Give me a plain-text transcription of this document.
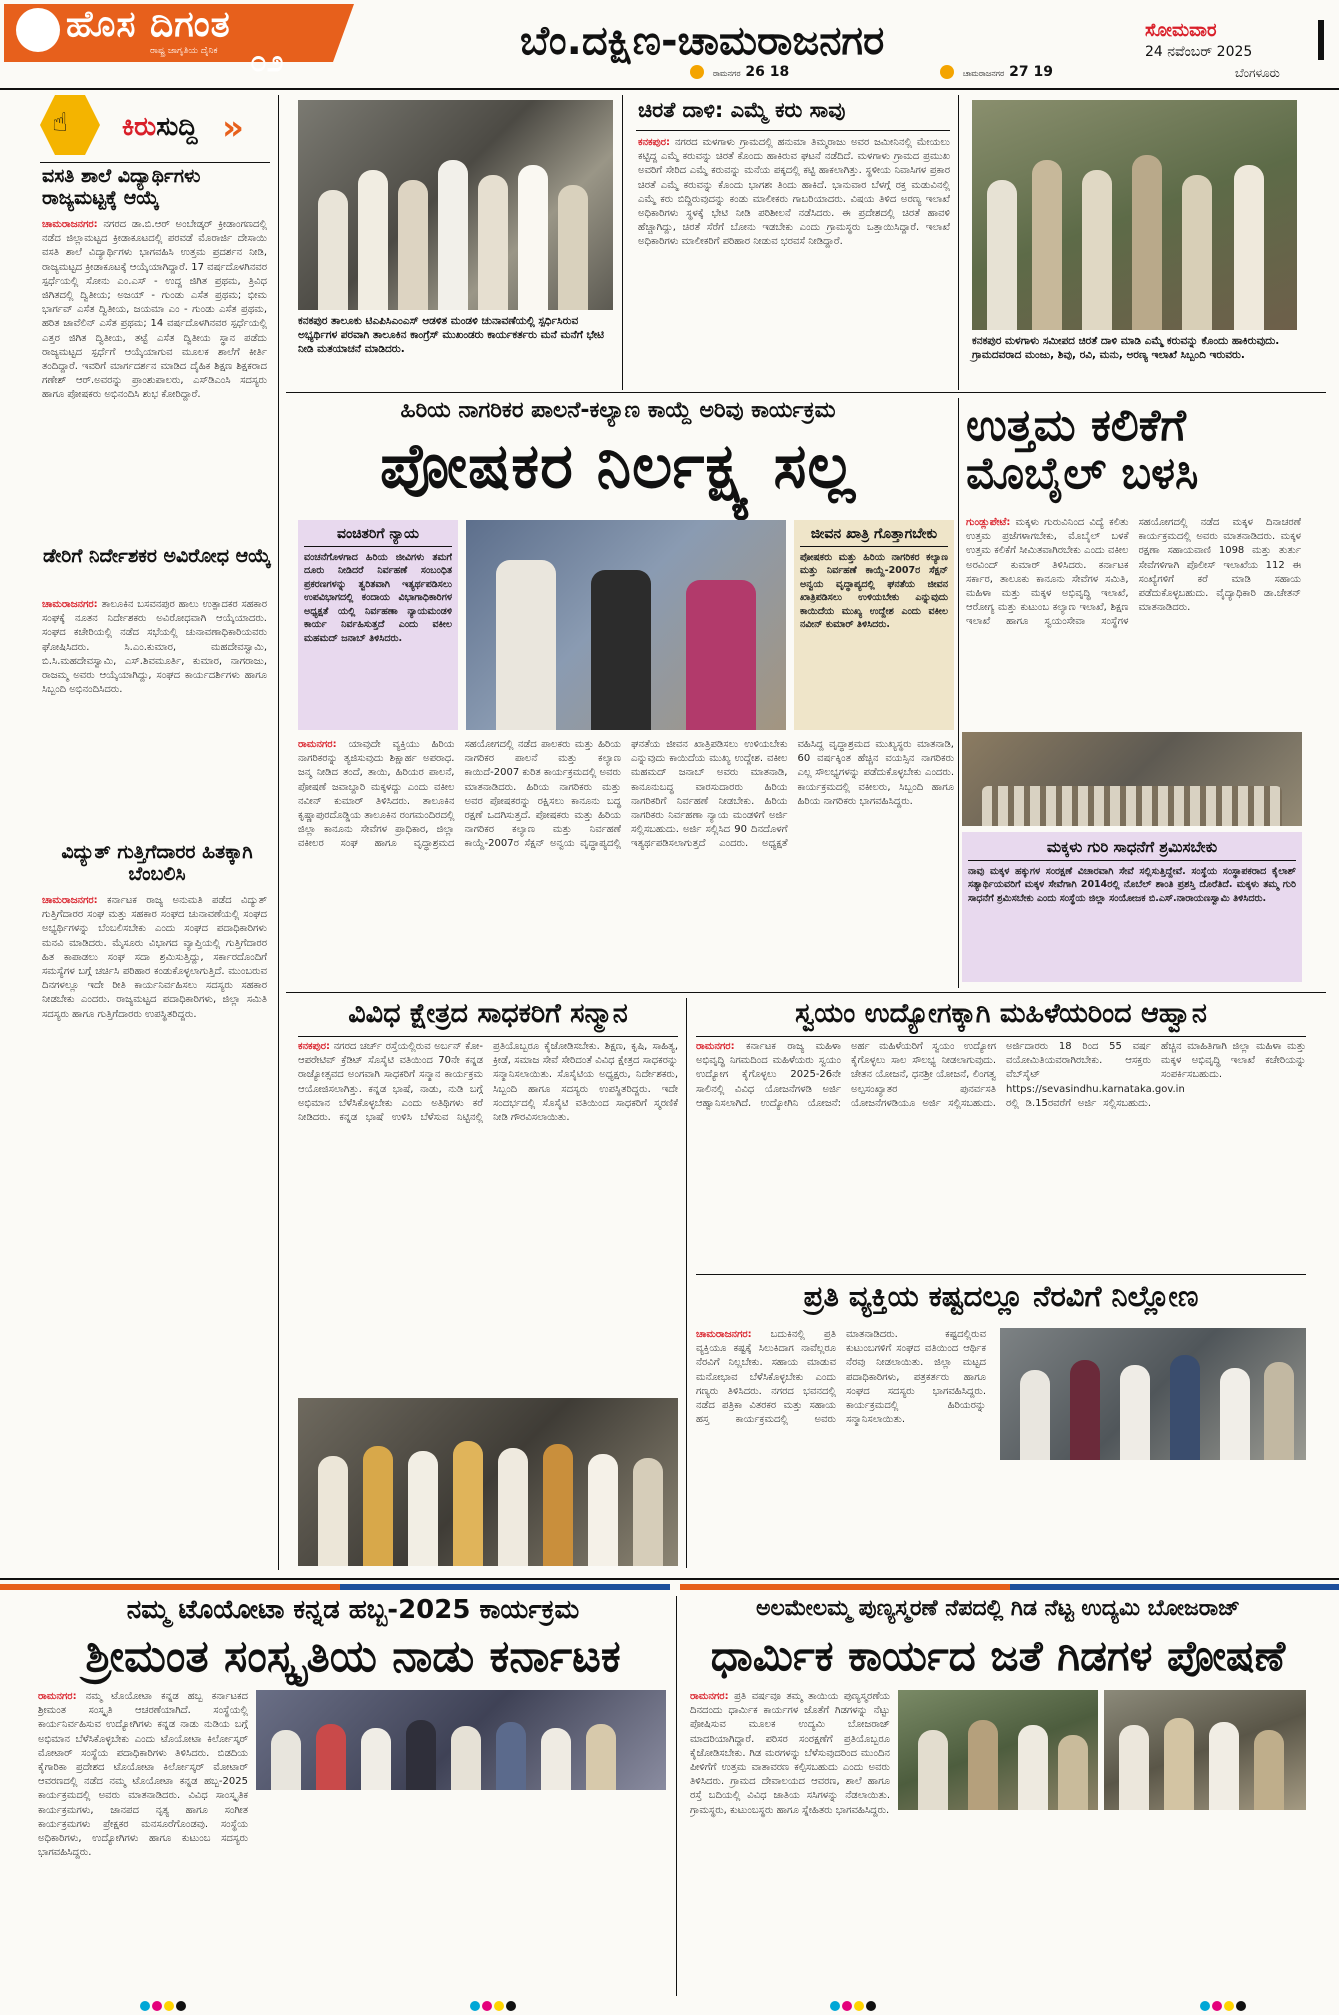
ಹೊಸ ದಿಗಂತ
ರಾಷ್ಟ್ರ ಜಾಗೃತಿಯ ದೈನಿಕ ೦೨	ಬೆಂ.ದಕ್ಷಿಣ-ಚಾಮರಾಜನಗರ
ರಾಮನಗರ 26 18	ಚಾಮರಾಜನಗರ 27 19
ಸೋಮವಾರ
24 ನವೆಂಬರ್ 2025
ಬೆಂಗಳೂರು
☝ ಕಿರುಸುದ್ದಿ »
ವಸತಿ ಶಾಲೆ ವಿದ್ಯಾರ್ಥಿಗಳು ರಾಜ್ಯಮಟ್ಟಕ್ಕೆ ಆಯ್ಕೆ
ಚಾಮರಾಜನಗರ: ನಗರದ ಡಾ.ಬಿ.ಆರ್ ಅಂಬೇಡ್ಕರ್ ಕ್ರೀಡಾಂಗಣದಲ್ಲಿ ನಡೆದ ಜಿಲ್ಲಾಮಟ್ಟದ ಕ್ರೀಡಾಕೂಟದಲ್ಲಿ ಪರವಡೆ ಮೊರಾರ್ಜಿ ದೇಸಾಯಿ ವಸತಿ ಶಾಲೆ ವಿದ್ಯಾರ್ಥಿಗಳು ಭಾಗವಹಿಸಿ ಉತ್ತಮ ಪ್ರದರ್ಶನ ನೀಡಿ, ರಾಜ್ಯಮಟ್ಟದ ಕ್ರೀಡಾಕೂಟಕ್ಕೆ ಆಯ್ಕೆಯಾಗಿದ್ದಾರೆ. 17 ವರ್ಷದೊಳಗಿನವರ ಸ್ಪರ್ಧೆಯಲ್ಲಿ ಸೋನು ಎಂ.ಎಸ್ - ಉದ್ದ ಜಿಗಿತ ಪ್ರಥಮ, ತ್ರಿವಿಧ ಜಿಗಿತದಲ್ಲಿ ದ್ವಿತೀಯ; ಅಜಯ್ - ಗುಂಡು ಎಸೆತ ಪ್ರಥಮ; ಭೀಮ ಭಾರ್ಗವ್ ಎಸೆತ ದ್ವಿತೀಯ, ಜಯಮಾ ಎಂ - ಗುಂಡು ಎಸೆತ ಪ್ರಥಮ, ಹರಿತ ಜಾವೆಲಿನ್ ಎಸೆತ ಪ್ರಥಮ; 14 ವರ್ಷದೊಳಗಿನವರ ಸ್ಪರ್ಧೆಯಲ್ಲಿ ಎತ್ತರ ಜಿಗಿತ ದ್ವಿತೀಯ, ತಟ್ಟೆ ಎಸೆತ ದ್ವಿತೀಯ ಸ್ಥಾನ ಪಡೆದು ರಾಜ್ಯಮಟ್ಟದ ಸ್ಪರ್ಧೆಗೆ ಆಯ್ಕೆಯಾಗುವ ಮೂಲಕ ಶಾಲೆಗೆ ಕೀರ್ತಿ ತಂದಿದ್ದಾರೆ. ಇವರಿಗೆ ಮಾರ್ಗದರ್ಶನ ಮಾಡಿದ ದೈಹಿಕ ಶಿಕ್ಷಣ ಶಿಕ್ಷಕರಾದ ಗಣೇಶ್ ಆರ್.ಅವರನ್ನು ಪ್ರಾಂಶುಪಾಲರು, ಎಸ್‌ಡಿಎಂಸಿ ಸದಸ್ಯರು ಹಾಗೂ ಪೋಷಕರು ಅಭಿನಂದಿಸಿ ಶುಭ ಕೋರಿದ್ದಾರೆ.
ಡೇರಿಗೆ ನಿರ್ದೇಶಕರ ಅವಿರೋಧ ಆಯ್ಕೆ
ಚಾಮರಾಜನಗರ: ತಾಲೂಕಿನ ಬಸವನಪುರ ಹಾಲು ಉತ್ಪಾದಕರ ಸಹಕಾರ ಸಂಘಕ್ಕೆ ನೂತನ ನಿರ್ದೇಶಕರು ಅವಿರೋಧವಾಗಿ ಆಯ್ಕೆಯಾದರು. ಸಂಘದ ಕಚೇರಿಯಲ್ಲಿ ನಡೆದ ಸಭೆಯಲ್ಲಿ ಚುನಾವಣಾಧಿಕಾರಿಯವರು ಘೋಷಿಸಿದರು. ಸಿ.ಎಂ.ಕುಮಾರ, ಮಹದೇವಸ್ವಾಮಿ, ಬಿ.ಸಿ.ಮಹದೇವಸ್ವಾಮಿ, ಎಸ್.ಶಿವಮೂರ್ತಿ, ಕುಮಾರ, ನಾಗರಾಜು, ರಾಜಮ್ಮ ಅವರು ಆಯ್ಕೆಯಾಗಿದ್ದು, ಸಂಘದ ಕಾರ್ಯದರ್ಶಿಗಳು ಹಾಗೂ ಸಿಬ್ಬಂದಿ ಅಭಿನಂದಿಸಿದರು.
ವಿದ್ಯುತ್ ಗುತ್ತಿಗೆದಾರರ ಹಿತಕ್ಕಾಗಿ ಬೆಂಬಲಿಸಿ
ಚಾಮರಾಜನಗರ: ಕರ್ನಾಟಕ ರಾಜ್ಯ ಅನುಮತಿ ಪಡೆದ ವಿದ್ಯುತ್ ಗುತ್ತಿಗೆದಾರರ ಸಂಘ ಮತ್ತು ಸಹಕಾರ ಸಂಘದ ಚುನಾವಣೆಯಲ್ಲಿ ಸಂಘದ ಅಭ್ಯರ್ಥಿಗಳನ್ನು ಬೆಂಬಲಿಸಬೇಕು ಎಂದು ಸಂಘದ ಪದಾಧಿಕಾರಿಗಳು ಮನವಿ ಮಾಡಿದರು. ಮೈಸೂರು ವಿಭಾಗದ ವ್ಯಾಪ್ತಿಯಲ್ಲಿ ಗುತ್ತಿಗೆದಾರರ ಹಿತ ಕಾಪಾಡಲು ಸಂಘ ಸದಾ ಶ್ರಮಿಸುತ್ತಿದ್ದು, ಸರ್ಕಾರದೊಂದಿಗೆ ಸಮಸ್ಯೆಗಳ ಬಗ್ಗೆ ಚರ್ಚಿಸಿ ಪರಿಹಾರ ಕಂಡುಕೊಳ್ಳಲಾಗುತ್ತಿದೆ. ಮುಂಬರುವ ದಿನಗಳಲ್ಲೂ ಇದೇ ರೀತಿ ಕಾರ್ಯನಿರ್ವಹಿಸಲು ಸದಸ್ಯರು ಸಹಕಾರ ನೀಡಬೇಕು ಎಂದರು. ರಾಜ್ಯಮಟ್ಟದ ಪದಾಧಿಕಾರಿಗಳು, ಜಿಲ್ಲಾ ಸಮಿತಿ ಸದಸ್ಯರು ಹಾಗೂ ಗುತ್ತಿಗೆದಾರರು ಉಪಸ್ಥಿತರಿದ್ದರು.
ಕನಕಪುರ ತಾಲೂಕು ಟಿಎಪಿಸಿಎಂಎಸ್ ಆಡಳಿತ ಮಂಡಳಿ ಚುನಾವಣೆಯಲ್ಲಿ ಸ್ಪರ್ಧಿಸಿರುವ ಅಭ್ಯರ್ಥಿಗಳ ಪರವಾಗಿ ತಾಲೂಕಿನ ಕಾಂಗ್ರೆಸ್ ಮುಖಂಡರು ಕಾರ್ಯಕರ್ತರು ಮನೆ ಮನೆಗೆ ಭೇಟಿ ನೀಡಿ ಮತಯಾಚನೆ ಮಾಡಿದರು.
ಚಿರತೆ ದಾಳಿ: ಎಮ್ಮೆ ಕರು ಸಾವು
ಕನಕಪುರ: ನಗರದ ಮಳಗಾಳು ಗ್ರಾಮದಲ್ಲಿ ಹನುಮಾ ತಿಮ್ಮರಾಜು ಅವರ ಜಮೀನಿನಲ್ಲಿ ಮೇಯಲು ಕಟ್ಟಿದ್ದ ಎಮ್ಮೆ ಕರುವನ್ನು ಚಿರತೆ ಕೊಂದು ಹಾಕಿರುವ ಘಟನೆ ನಡೆದಿದೆ. ಮಳಗಾಳು ಗ್ರಾಮದ ಪ್ರಮುಖ ಅವರಿಗೆ ಸೇರಿದ ಎಮ್ಮೆ ಕರುವನ್ನು ಮನೆಯ ಪಕ್ಕದಲ್ಲಿ ಕಟ್ಟಿ ಹಾಕಲಾಗಿತ್ತು. ಸ್ಥಳೀಯ ನಿವಾಸಿಗಳ ಪ್ರಕಾರ ಚಿರತೆ ಎಮ್ಮೆ ಕರುವನ್ನು ಕೊಂದು ಭಾಗಶಃ ತಿಂದು ಹಾಕಿದೆ. ಭಾನುವಾರ ಬೆಳಗ್ಗೆ ರಕ್ತ ಮಡುವಿನಲ್ಲಿ ಎಮ್ಮೆ ಕರು ಬಿದ್ದಿರುವುದನ್ನು ಕಂಡು ಮಾಲೀಕರು ಗಾಬರಿಯಾದರು. ವಿಷಯ ತಿಳಿದ ಅರಣ್ಯ ಇಲಾಖೆ ಅಧಿಕಾರಿಗಳು ಸ್ಥಳಕ್ಕೆ ಭೇಟಿ ನೀಡಿ ಪರಿಶೀಲನೆ ನಡೆಸಿದರು. ಈ ಪ್ರದೇಶದಲ್ಲಿ ಚಿರತೆ ಹಾವಳಿ ಹೆಚ್ಚಾಗಿದ್ದು, ಚಿರತೆ ಸೆರೆಗೆ ಬೋನು ಇಡಬೇಕು ಎಂದು ಗ್ರಾಮಸ್ಥರು ಒತ್ತಾಯಿಸಿದ್ದಾರೆ. ಇಲಾಖೆ ಅಧಿಕಾರಿಗಳು ಮಾಲೀಕರಿಗೆ ಪರಿಹಾರ ನೀಡುವ ಭರವಸೆ ನೀಡಿದ್ದಾರೆ.
ಕನಕಪುರ ಮಳಗಾಳು ಸಮೀಪದ ಚಿರತೆ ದಾಳಿ ಮಾಡಿ ಎಮ್ಮೆ ಕರುವನ್ನು ಕೊಂದು ಹಾಕಿರುವುದು. ಗ್ರಾಮದವರಾದ ಮಂಜು, ಶಿವು, ರವಿ, ಮನು, ಅರಣ್ಯ ಇಲಾಖೆ ಸಿಬ್ಬಂದಿ ಇರುವರು.
ಹಿರಿಯ ನಾಗರಿಕರ ಪಾಲನೆ-ಕಲ್ಯಾಣ ಕಾಯ್ದೆ ಅರಿವು ಕಾರ್ಯಕ್ರಮ
ಪೋಷಕರ ನಿರ್ಲಕ್ಷ್ಯ ಸಲ್ಲ
ವಂಚಿತರಿಗೆ ನ್ಯಾಯ
ವಂಚನೆಗೊಳಗಾದ ಹಿರಿಯ ಜೀವಿಗಳು ತಮಗೆ ದೂರು ನೀಡಿದರೆ ನಿರ್ವಹಣೆ ಸಂಬಂಧಿತ ಪ್ರಕರಣಗಳನ್ನು ತ್ವರಿತವಾಗಿ ಇತ್ಯರ್ಥಪಡಿಸಲು ಉಪವಿಭಾಗದಲ್ಲಿ ಕಂದಾಯ ವಿಭಾಗಾಧಿಕಾರಿಗಳ ಅಧ್ಯಕ್ಷತೆ ಯಲ್ಲಿ ನಿರ್ವಹಣಾ ನ್ಯಾಯಮಂಡಳಿ ಕಾರ್ಯ ನಿರ್ವಹಿಸುತ್ತದೆ ಎಂದು ವಕೀಲ ಮಹಮದ್ ಜನಾಬ್ ತಿಳಿಸಿದರು.
ಜೀವನ ಖಾತ್ರಿ ಗೊತ್ತಾಗಬೇಕು
ಪೋಷಕರು ಮತ್ತು ಹಿರಿಯ ನಾಗರಿಕರ ಕಲ್ಯಾಣ ಮತ್ತು ನಿರ್ವಹಣೆ ಕಾಯ್ದೆ-2007ರ ಸೆಕ್ಷನ್ ಅನ್ವಯ ವೃದ್ಧಾಪ್ಯದಲ್ಲಿ ಘನತೆಯ ಜೀವನ ಖಾತ್ರಿಪಡಿಸಲು ಉಳಿಯಬೇಕು ಎನ್ನುವುದು ಕಾಯಿದೆಯ ಮುಖ್ಯ ಉದ್ದೇಶ ಎಂದು ವಕೀಲ ನವೀನ್ ಕುಮಾರ್ ತಿಳಿಸಿದರು.
ರಾಮನಗರ: ಯಾವುದೇ ವ್ಯಕ್ತಿಯು ಹಿರಿಯ ನಾಗರಿಕರನ್ನು ತ್ಯಜಿಸುವುದು ಶಿಕ್ಷಾರ್ಹ ಅಪರಾಧ. ಜನ್ಮ ನೀಡಿದ ತಂದೆ, ತಾಯಿ, ಹಿರಿಯರ ಪಾಲನೆ, ಪೋಷಣೆ ಜವಾಬ್ದಾರಿ ಮಕ್ಕಳದ್ದು ಎಂದು ವಕೀಲ ನವೀನ್ ಕುಮಾರ್ ತಿಳಿಸಿದರು. ತಾಲೂಕಿನ ಕೃಷ್ಣಾಪುರದೊಡ್ಡಿಯ ತಾಲೂಕಿನ ರಂಗಮಂದಿರದಲ್ಲಿ ಜಿಲ್ಲಾ ಕಾನೂನು ಸೇವೆಗಳ ಪ್ರಾಧಿಕಾರ, ಜಿಲ್ಲಾ ವಕೀಲರ ಸಂಘ ಹಾಗೂ ವೃದ್ಧಾಶ್ರಮದ ಸಹಯೋಗದಲ್ಲಿ ನಡೆದ ಪಾಲಕರು ಮತ್ತು ಹಿರಿಯ ನಾಗರಿಕರ ಪಾಲನೆ ಮತ್ತು ಕಲ್ಯಾಣ ಕಾಯಿದೆ-2007 ಕುರಿತ ಕಾರ್ಯಕ್ರಮದಲ್ಲಿ ಅವರು ಮಾತನಾಡಿದರು. ಹಿರಿಯ ನಾಗರಿಕರು ಮತ್ತು ಅವರ ಪೋಷಕರನ್ನು ರಕ್ಷಿಸಲು ಕಾನೂನು ಬದ್ಧ ರಕ್ಷಣೆ ಒದಗಿಸುತ್ತದೆ. ಪೋಷಕರು ಮತ್ತು ಹಿರಿಯ ನಾಗರಿಕರ ಕಲ್ಯಾಣ ಮತ್ತು ನಿರ್ವಹಣೆ ಕಾಯ್ದೆ-2007ರ ಸೆಕ್ಷನ್ ಅನ್ವಯ ವೃದ್ಧಾಪ್ಯದಲ್ಲಿ ಘನತೆಯ ಜೀವನ ಖಾತ್ರಿಪಡಿಸಲು ಉಳಿಯಬೇಕು ಎನ್ನುವುದು ಕಾಯಿದೆಯ ಮುಖ್ಯ ಉದ್ದೇಶ. ವಕೀಲ ಮಹಮದ್ ಜನಾಬ್ ಅವರು ಮಾತನಾಡಿ, ಕಾನೂನುಬದ್ಧ ವಾರಸುದಾರರು ಹಿರಿಯ ನಾಗರಿಕರಿಗೆ ನಿರ್ವಹಣೆ ನೀಡಬೇಕು. ಹಿರಿಯ ನಾಗರಿಕರು ನಿರ್ವಹಣಾ ನ್ಯಾಯ ಮಂಡಳಿಗೆ ಅರ್ಜಿ ಸಲ್ಲಿಸಬಹುದು. ಅರ್ಜಿ ಸಲ್ಲಿಸಿದ 90 ದಿನದೊಳಗೆ ಇತ್ಯರ್ಥಪಡಿಸಲಾಗುತ್ತದೆ ಎಂದರು. ಅಧ್ಯಕ್ಷತೆ ವಹಿಸಿದ್ದ ವೃದ್ಧಾಶ್ರಮದ ಮುಖ್ಯಸ್ಥರು ಮಾತನಾಡಿ, 60 ವರ್ಷಕ್ಕಿಂತ ಹೆಚ್ಚಿನ ವಯಸ್ಸಿನ ನಾಗರಿಕರು ಎಲ್ಲ ಸೌಲಭ್ಯಗಳನ್ನು ಪಡೆದುಕೊಳ್ಳಬೇಕು ಎಂದರು. ಕಾರ್ಯಕ್ರಮದಲ್ಲಿ ವಕೀಲರು, ಸಿಬ್ಬಂದಿ ಹಾಗೂ ಹಿರಿಯ ನಾಗರಿಕರು ಭಾಗವಹಿಸಿದ್ದರು.
ಉತ್ತಮ ಕಲಿಕೆಗೆ ಮೊಬೈಲ್ ಬಳಸಿ
ಗುಂಡ್ಲುಪೇಟೆ: ಮಕ್ಕಳು ಗುರುವಿನಿಂದ ವಿದ್ಯೆ ಕಲಿತು ಉತ್ತಮ ಪ್ರಜೆಗಳಾಗಬೇಕು, ಮೊಬೈಲ್ ಬಳಕೆ ಉತ್ತಮ ಕಲಿಕೆಗೆ ಸೀಮಿತವಾಗಿರಬೇಕು ಎಂದು ವಕೀಲ ಅರವಿಂದ್ ಕುಮಾರ್ ತಿಳಿಸಿದರು. ಕರ್ನಾಟಕ ಸರ್ಕಾರ, ತಾಲೂಕು ಕಾನೂನು ಸೇವೆಗಳ ಸಮಿತಿ, ಮಹಿಳಾ ಮತ್ತು ಮಕ್ಕಳ ಅಭಿವೃದ್ಧಿ ಇಲಾಖೆ, ಆರೋಗ್ಯ ಮತ್ತು ಕುಟುಂಬ ಕಲ್ಯಾಣ ಇಲಾಖೆ, ಶಿಕ್ಷಣ ಇಲಾಖೆ ಹಾಗೂ ಸ್ವಯಂಸೇವಾ ಸಂಸ್ಥೆಗಳ ಸಹಯೋಗದಲ್ಲಿ ನಡೆದ ಮಕ್ಕಳ ದಿನಾಚರಣೆ ಕಾರ್ಯಕ್ರಮದಲ್ಲಿ ಅವರು ಮಾತನಾಡಿದರು. ಮಕ್ಕಳ ರಕ್ಷಣಾ ಸಹಾಯವಾಣಿ 1098 ಮತ್ತು ತುರ್ತು ಸೇವೆಗಳಿಗಾಗಿ ಪೊಲೀಸ್ ಇಲಾಖೆಯ 112 ಈ ಸಂಖ್ಯೆಗಳಿಗೆ ಕರೆ ಮಾಡಿ ಸಹಾಯ ಪಡೆದುಕೊಳ್ಳಬಹುದು. ವೈದ್ಯಾಧಿಕಾರಿ ಡಾ.ಚೇತನ್ ಮಾತನಾಡಿದರು.
ಮಕ್ಕಳು ಗುರಿ ಸಾಧನೆಗೆ ಶ್ರಮಿಸಬೇಕು
ನಾವು ಮಕ್ಕಳ ಹಕ್ಕುಗಳ ಸಂರಕ್ಷಣೆ ವಿಚಾರವಾಗಿ ಸೇವೆ ಸಲ್ಲಿಸುತ್ತಿದ್ದೇವೆ. ಸಂಸ್ಥೆಯ ಸಂಸ್ಥಾಪಕರಾದ ಕೈಲಾಶ್ ಸತ್ಯಾರ್ಥಿಯವರಿಗೆ ಮಕ್ಕಳ ಸೇವೆಗಾಗಿ 2014ರಲ್ಲಿ ನೊಬೆಲ್ ಶಾಂತಿ ಪ್ರಶಸ್ತಿ ದೊರೆತಿದೆ. ಮಕ್ಕಳು ತಮ್ಮ ಗುರಿ ಸಾಧನೆಗೆ ಶ್ರಮಿಸಬೇಕು ಎಂದು ಸಂಸ್ಥೆಯ ಜಿಲ್ಲಾ ಸಂಯೋಜಕ ಬಿ.ಎಸ್.ನಾರಾಯಣಸ್ವಾಮಿ ತಿಳಿಸಿದರು.
ವಿವಿಧ ಕ್ಷೇತ್ರದ ಸಾಧಕರಿಗೆ ಸನ್ಮಾನ
ಕನಕಪುರ: ನಗರದ ಚರ್ಚ್ ರಸ್ತೆಯಲ್ಲಿರುವ ಅರ್ಬನ್ ಕೋ-ಆಪರೇಟಿವ್ ಕ್ರೆಡಿಟ್ ಸೊಸೈಟಿ ವತಿಯಿಂದ 70ನೇ ಕನ್ನಡ ರಾಜ್ಯೋತ್ಸವದ ಅಂಗವಾಗಿ ಸಾಧಕರಿಗೆ ಸನ್ಮಾನ ಕಾರ್ಯಕ್ರಮ ಆಯೋಜಿಸಲಾಗಿತ್ತು. ಕನ್ನಡ ಭಾಷೆ, ನಾಡು, ನುಡಿ ಬಗ್ಗೆ ಅಭಿಮಾನ ಬೆಳೆಸಿಕೊಳ್ಳಬೇಕು ಎಂದು ಅತಿಥಿಗಳು ಕರೆ ನೀಡಿದರು. ಕನ್ನಡ ಭಾಷೆ ಉಳಿಸಿ ಬೆಳೆಸುವ ನಿಟ್ಟಿನಲ್ಲಿ ಪ್ರತಿಯೊಬ್ಬರೂ ಕೈಜೋಡಿಸಬೇಕು. ಶಿಕ್ಷಣ, ಕೃಷಿ, ಸಾಹಿತ್ಯ, ಕ್ರೀಡೆ, ಸಮಾಜ ಸೇವೆ ಸೇರಿದಂತೆ ವಿವಿಧ ಕ್ಷೇತ್ರದ ಸಾಧಕರನ್ನು ಸನ್ಮಾನಿಸಲಾಯಿತು. ಸೊಸೈಟಿಯ ಅಧ್ಯಕ್ಷರು, ನಿರ್ದೇಶಕರು, ಸಿಬ್ಬಂದಿ ಹಾಗೂ ಸದಸ್ಯರು ಉಪಸ್ಥಿತರಿದ್ದರು. ಇದೇ ಸಂದರ್ಭದಲ್ಲಿ ಸೊಸೈಟಿ ವತಿಯಿಂದ ಸಾಧಕರಿಗೆ ಸ್ಮರಣಿಕೆ ನೀಡಿ ಗೌರವಿಸಲಾಯಿತು.
ಸ್ವಯಂ ಉದ್ಯೋಗಕ್ಕಾಗಿ ಮಹಿಳೆಯರಿಂದ ಆಹ್ವಾನ
ರಾಮನಗರ: ಕರ್ನಾಟಕ ರಾಜ್ಯ ಮಹಿಳಾ ಅಭಿವೃದ್ಧಿ ನಿಗಮದಿಂದ ಮಹಿಳೆಯರು ಸ್ವಯಂ ಉದ್ಯೋಗ ಕೈಗೊಳ್ಳಲು 2025-26ನೇ ಸಾಲಿನಲ್ಲಿ ವಿವಿಧ ಯೋಜನೆಗಳಡಿ ಅರ್ಜಿ ಆಹ್ವಾನಿಸಲಾಗಿದೆ. ಉದ್ಯೋಗಿನಿ ಯೋಜನೆ: ಅರ್ಹ ಮಹಿಳೆಯರಿಗೆ ಸ್ವಯಂ ಉದ್ಯೋಗ ಕೈಗೊಳ್ಳಲು ಸಾಲ ಸೌಲಭ್ಯ ನೀಡಲಾಗುವುದು. ಚೇತನ ಯೋಜನೆ, ಧನಶ್ರೀ ಯೋಜನೆ, ಲಿಂಗತ್ವ ಅಲ್ಪಸಂಖ್ಯಾತರ ಪುನರ್ವಸತಿ ಯೋಜನೆಗಳಡಿಯೂ ಅರ್ಜಿ ಸಲ್ಲಿಸಬಹುದು. ಅರ್ಜಿದಾರರು 18 ರಿಂದ 55 ವರ್ಷ ವಯೋಮಿತಿಯವರಾಗಿರಬೇಕು. ಆಸಕ್ತರು ವೆಬ್‌ಸೈಟ್ https://sevasindhu.karnataka.gov.in ರಲ್ಲಿ ಡಿ.15ರವರೆಗೆ ಅರ್ಜಿ ಸಲ್ಲಿಸಬಹುದು. ಹೆಚ್ಚಿನ ಮಾಹಿತಿಗಾಗಿ ಜಿಲ್ಲಾ ಮಹಿಳಾ ಮತ್ತು ಮಕ್ಕಳ ಅಭಿವೃದ್ಧಿ ಇಲಾಖೆ ಕಚೇರಿಯನ್ನು ಸಂಪರ್ಕಿಸಬಹುದು.
ಪ್ರತಿ ವ್ಯಕ್ತಿಯ ಕಷ್ಟದಲ್ಲೂ ನೆರವಿಗೆ ನಿಲ್ಲೋಣ
ಚಾಮರಾಜನಗರ: ಬದುಕಿನಲ್ಲಿ ಪ್ರತಿ ವ್ಯಕ್ತಿಯೂ ಕಷ್ಟಕ್ಕೆ ಸಿಲುಕಿದಾಗ ನಾವೆಲ್ಲರೂ ನೆರವಿಗೆ ನಿಲ್ಲಬೇಕು. ಸಹಾಯ ಮಾಡುವ ಮನೋಭಾವ ಬೆಳೆಸಿಕೊಳ್ಳಬೇಕು ಎಂದು ಗಣ್ಯರು ತಿಳಿಸಿದರು. ನಗರದ ಭವನದಲ್ಲಿ ನಡೆದ ಪತ್ರಿಕಾ ವಿತರಕರ ಮತ್ತು ಸಹಾಯ ಹಸ್ತ ಕಾರ್ಯಕ್ರಮದಲ್ಲಿ ಅವರು ಮಾತನಾಡಿದರು. ಕಷ್ಟದಲ್ಲಿರುವ ಕುಟುಂಬಗಳಿಗೆ ಸಂಘದ ವತಿಯಿಂದ ಆರ್ಥಿಕ ನೆರವು ನೀಡಲಾಯಿತು. ಜಿಲ್ಲಾ ಮಟ್ಟದ ಪದಾಧಿಕಾರಿಗಳು, ಪತ್ರಕರ್ತರು ಹಾಗೂ ಸಂಘದ ಸದಸ್ಯರು ಭಾಗವಹಿಸಿದ್ದರು. ಕಾರ್ಯಕ್ರಮದಲ್ಲಿ ಹಿರಿಯರನ್ನು ಸನ್ಮಾನಿಸಲಾಯಿತು.
ನಮ್ಮ ಟೊಯೋಟಾ ಕನ್ನಡ ಹಬ್ಬ-2025 ಕಾರ್ಯಕ್ರಮ
ಶ್ರೀಮಂತ ಸಂಸ್ಕೃತಿಯ ನಾಡು ಕರ್ನಾಟಕ
ರಾಮನಗರ: ನಮ್ಮ ಟೊಯೋಟಾ ಕನ್ನಡ ಹಬ್ಬ ಕರ್ನಾಟಕದ ಶ್ರೀಮಂತ ಸಂಸ್ಕೃತಿ ಆಚರಣೆಯಾಗಿದೆ. ಸಂಸ್ಥೆಯಲ್ಲಿ ಕಾರ್ಯನಿರ್ವಹಿಸುವ ಉದ್ಯೋಗಿಗಳು ಕನ್ನಡ ನಾಡು ನುಡಿಯ ಬಗ್ಗೆ ಅಭಿಮಾನ ಬೆಳೆಸಿಕೊಳ್ಳಬೇಕು ಎಂದು ಟೊಯೋಟಾ ಕಿರ್ಲೋಸ್ಕರ್ ಮೋಟಾರ್ ಸಂಸ್ಥೆಯ ಪದಾಧಿಕಾರಿಗಳು ತಿಳಿಸಿದರು. ಬಿಡದಿಯ ಕೈಗಾರಿಕಾ ಪ್ರದೇಶದ ಟೊಯೋಟಾ ಕಿರ್ಲೋಸ್ಕರ್ ಮೋಟಾರ್ ಆವರಣದಲ್ಲಿ ನಡೆದ ನಮ್ಮ ಟೊಯೋಟಾ ಕನ್ನಡ ಹಬ್ಬ-2025 ಕಾರ್ಯಕ್ರಮದಲ್ಲಿ ಅವರು ಮಾತನಾಡಿದರು. ವಿವಿಧ ಸಾಂಸ್ಕೃತಿಕ ಕಾರ್ಯಕ್ರಮಗಳು, ಜಾನಪದ ನೃತ್ಯ ಹಾಗೂ ಸಂಗೀತ ಕಾರ್ಯಕ್ರಮಗಳು ಪ್ರೇಕ್ಷಕರ ಮನಸೂರೆಗೊಂಡವು. ಸಂಸ್ಥೆಯ ಅಧಿಕಾರಿಗಳು, ಉದ್ಯೋಗಿಗಳು ಹಾಗೂ ಕುಟುಂಬ ಸದಸ್ಯರು ಭಾಗವಹಿಸಿದ್ದರು.
ಅಲಮೇಲಮ್ಮ ಪುಣ್ಯಸ್ಮರಣೆ ನೆಪದಲ್ಲಿ ಗಿಡ ನೆಟ್ಟ ಉದ್ಯಮಿ ಬೋಜರಾಜ್
ಧಾರ್ಮಿಕ ಕಾರ್ಯದ ಜತೆ ಗಿಡಗಳ ಪೋಷಣೆ
ರಾಮನಗರ: ಪ್ರತಿ ವರ್ಷವೂ ತಮ್ಮ ತಾಯಿಯ ಪುಣ್ಯಸ್ಮರಣೆಯ ದಿನದಂದು ಧಾರ್ಮಿಕ ಕಾರ್ಯಗಳ ಜೊತೆಗೆ ಗಿಡಗಳನ್ನು ನೆಟ್ಟು ಪೋಷಿಸುವ ಮೂಲಕ ಉದ್ಯಮಿ ಬೋಜರಾಜ್ ಮಾದರಿಯಾಗಿದ್ದಾರೆ. ಪರಿಸರ ಸಂರಕ್ಷಣೆಗೆ ಪ್ರತಿಯೊಬ್ಬರೂ ಕೈಜೋಡಿಸಬೇಕು. ಗಿಡ ಮರಗಳನ್ನು ಬೆಳೆಸುವುದರಿಂದ ಮುಂದಿನ ಪೀಳಿಗೆಗೆ ಉತ್ತಮ ವಾತಾವರಣ ಕಲ್ಪಿಸಬಹುದು ಎಂದು ಅವರು ತಿಳಿಸಿದರು. ಗ್ರಾಮದ ದೇವಾಲಯದ ಆವರಣ, ಶಾಲೆ ಹಾಗೂ ರಸ್ತೆ ಬದಿಯಲ್ಲಿ ವಿವಿಧ ಜಾತಿಯ ಸಸಿಗಳನ್ನು ನೆಡಲಾಯಿತು. ಗ್ರಾಮಸ್ಥರು, ಕುಟುಂಬಸ್ಥರು ಹಾಗೂ ಸ್ನೇಹಿತರು ಭಾಗವಹಿಸಿದ್ದರು.
